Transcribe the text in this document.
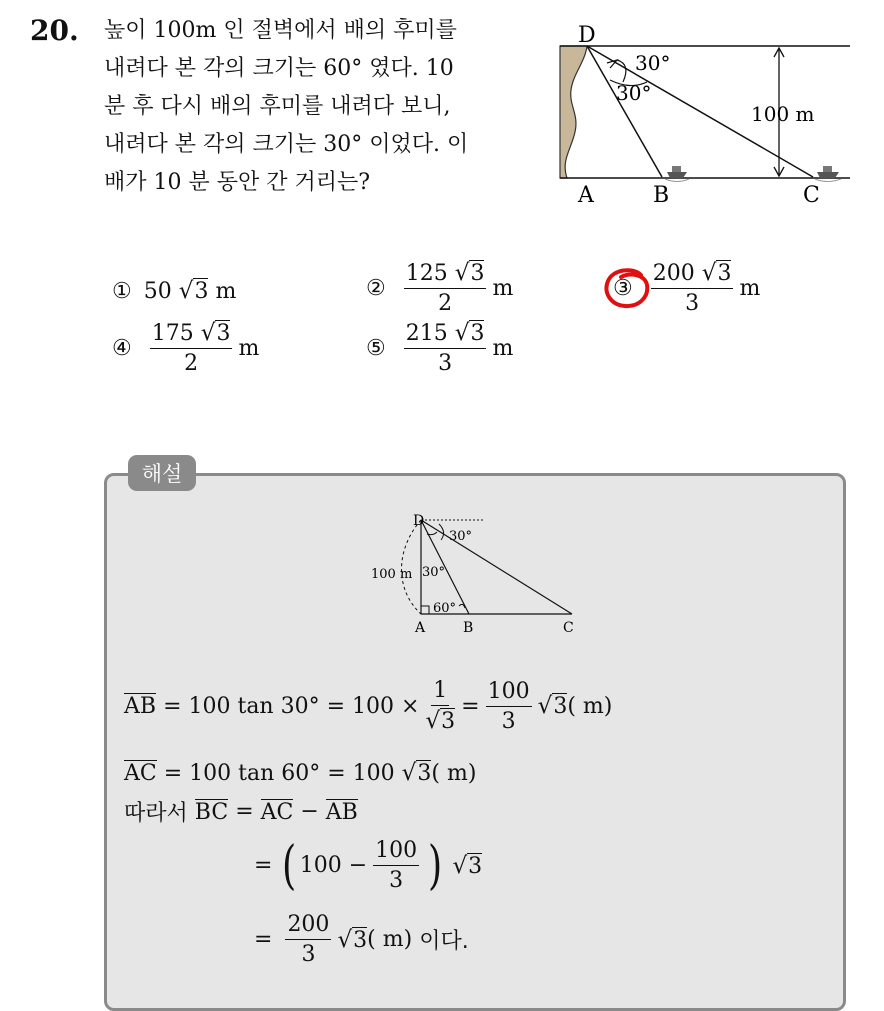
20. 높이 100m 인 절벽에서 배의 후미를
내려다 본 각의 크기는 60° 였다. 10
분 후 다시 배의 후미를 내려다 보니,
내려다 본 각의 크기는 30° 이었다. 이
배가 10 분 동안 간 거리는?
D
A	B	C
30°
30°
100 m
① 50
√3
m	② $\frac{125 √3}{2}$ m	③ $\frac{200 √3}{3}$ m
④ $\frac{175 √3}{2}$ m	⑤ $\frac{215 √3}{3}$ m
해설
D
A	B	C
30°
30°
60°
100 m
AB
= 100 $\tan 30^\circ = 100 \times \frac{1}{√3} = \frac{100}{3} √3$ ( m)
AC
= 100 tan 60° = 100
√3 ( m)
따라서
BC
=
AC
−
AB
=
( $100 - \frac{100}{3}$ )
√3
=
$\frac{200}{3} √3$ ( m)
이다.
